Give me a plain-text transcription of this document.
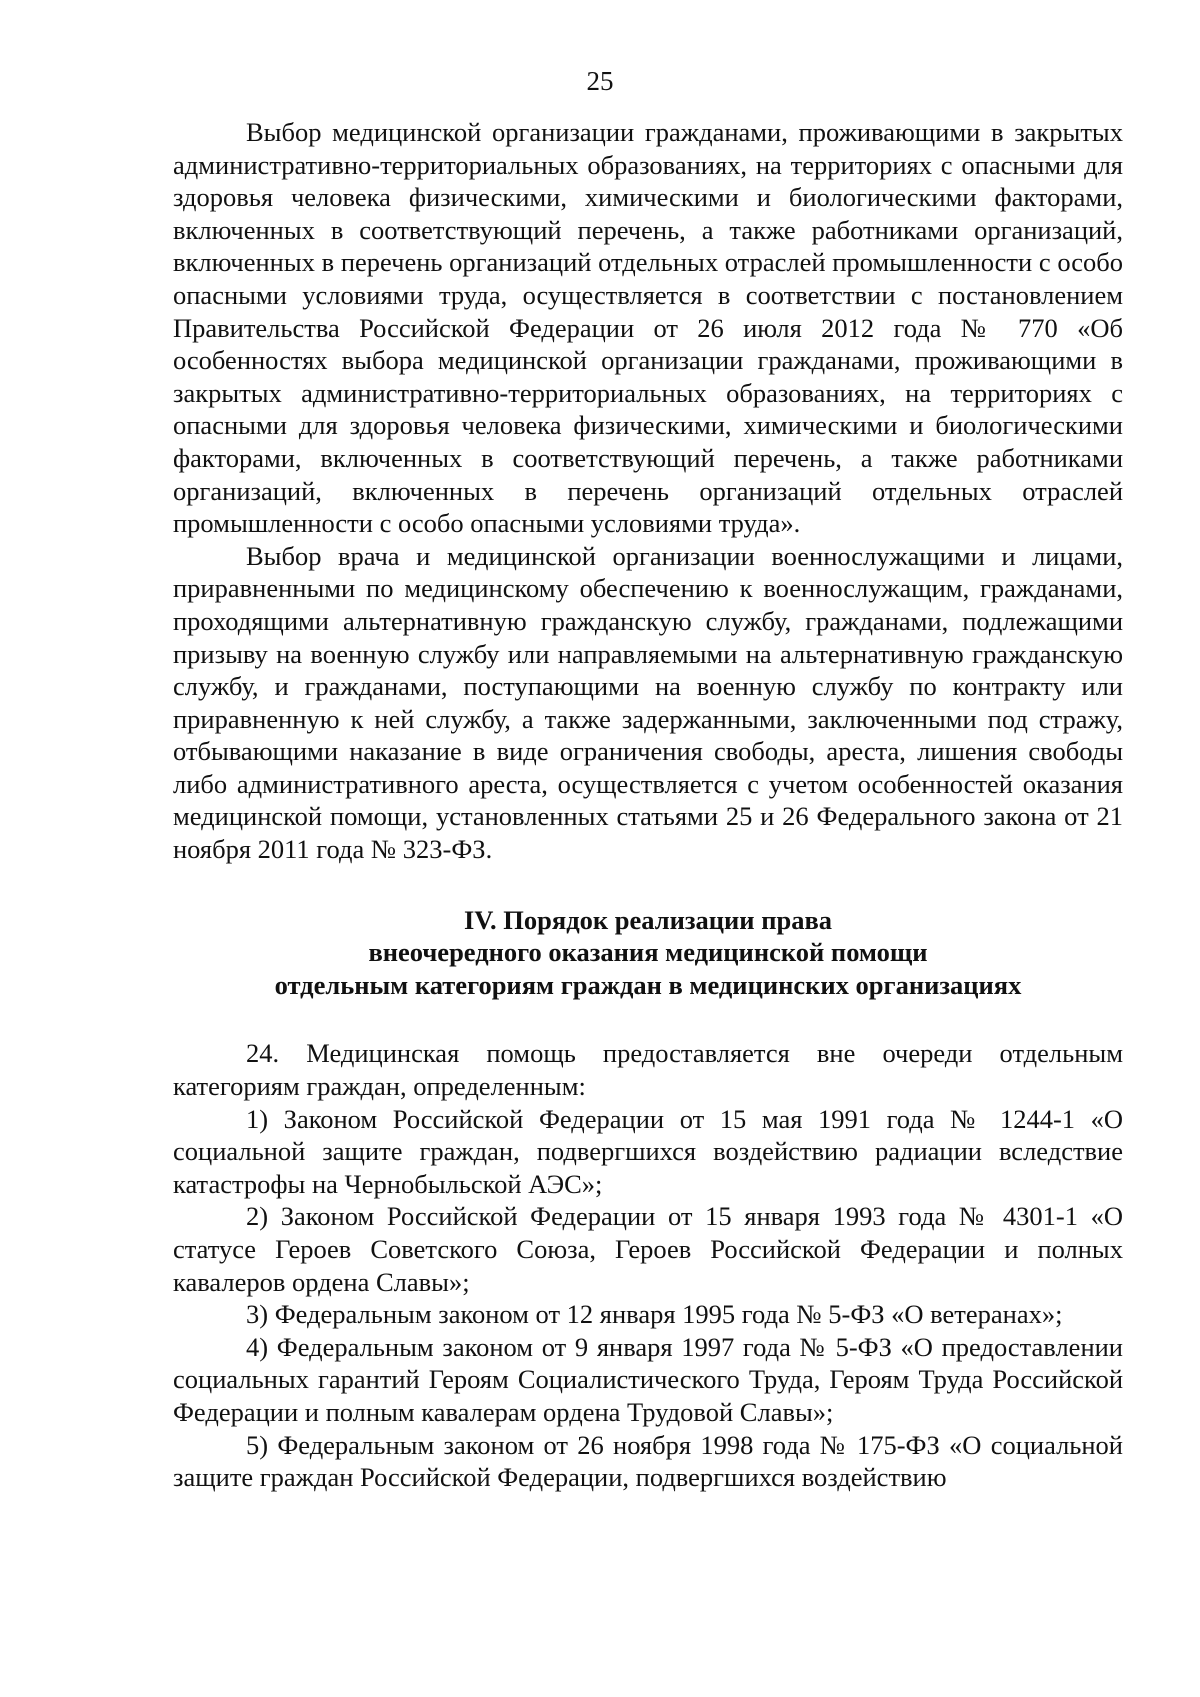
25

Выбор медицинской организации гражданами, проживающими в закрытых административно-территориальных образованиях, на территориях с опасными для здоровья человека физическими, химическими и биологическими факторами, включенных в соответствующий перечень, а также работниками организаций, включенных в перечень организаций отдельных отраслей промышленности с особо опасными условиями труда, осуществляется в соответствии с постановлением Правительства Российской Федерации от 26 июля 2012 года № 770 «Об особенностях выбора медицинской организации гражданами, проживающими в закрытых административно-территориальных образованиях, на территориях с опасными для здоровья человека физическими, химическими и биологическими факторами, включенных в соответствующий перечень, а также работниками организаций, включенных в перечень организаций отдельных отраслей промышленности с особо опасными условиями труда».

Выбор врача и медицинской организации военнослужащими и лицами, приравненными по медицинскому обеспечению к военнослужащим, гражданами, проходящими альтернативную гражданскую службу, гражданами, подлежащими призыву на военную службу или направляемыми на альтернативную гражданскую службу, и гражданами, поступающими на военную службу по контракту или приравненную к ней службу, а также задержанными, заключенными под стражу, отбывающими наказание в виде ограничения свободы, ареста, лишения свободы либо административного ареста, осуществляется с учетом особенностей оказания медицинской помощи, установленных статьями 25 и 26 Федерального закона от 21 ноября 2011 года № 323-ФЗ.

IV. Порядок реализации права
внеочередного оказания медицинской помощи
отдельным категориям граждан в медицинских организациях

24. Медицинская помощь предоставляется вне очереди отдельным категориям граждан, определенным:

1) Законом Российской Федерации от 15 мая 1991 года № 1244-1 «О социальной защите граждан, подвергшихся воздействию радиации вследствие катастрофы на Чернобыльской АЭС»;

2) Законом Российской Федерации от 15 января 1993 года № 4301-1 «О статусе Героев Советского Союза, Героев Российской Федерации и полных кавалеров ордена Славы»;

3) Федеральным законом от 12 января 1995 года № 5-ФЗ «О ветеранах»;

4) Федеральным законом от 9 января 1997 года № 5-ФЗ «О предоставлении социальных гарантий Героям Социалистического Труда, Героям Труда Российской Федерации и полным кавалерам ордена Трудовой Славы»;

5) Федеральным законом от 26 ноября 1998 года № 175-ФЗ «О социальной защите граждан Российской Федерации, подвергшихся воздействию
